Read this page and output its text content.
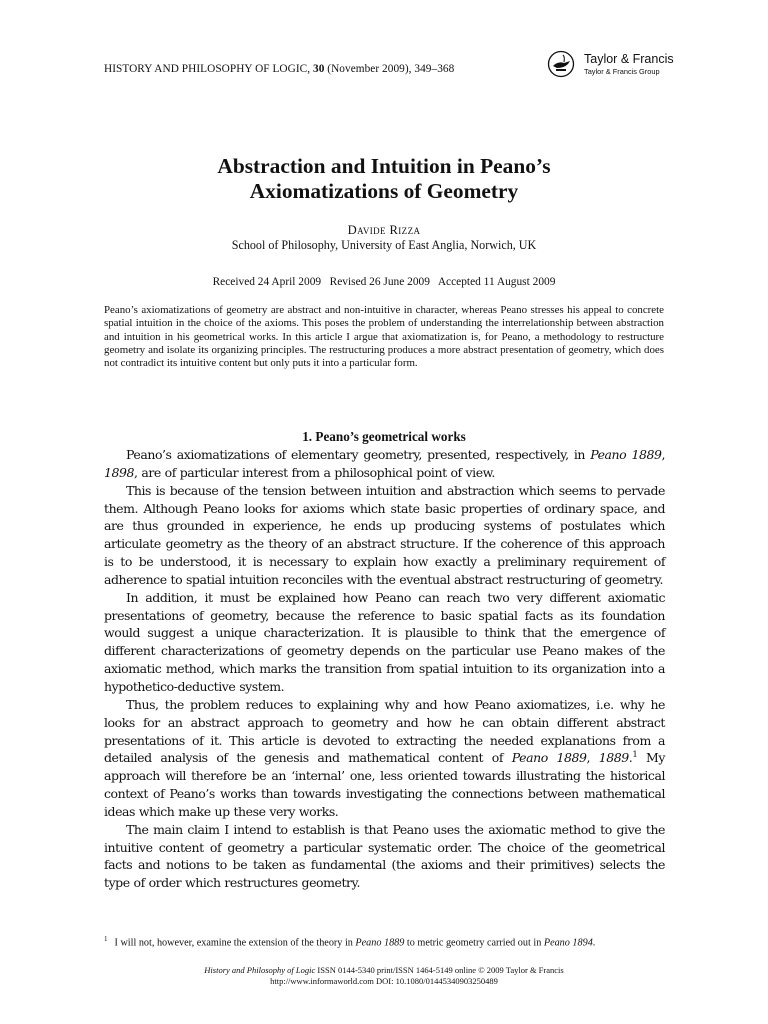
HISTORY AND PHILOSOPHY OF LOGIC, 30 (November 2009), 349–368
Taylor & Francis
Taylor & Francis Group
Abstraction and Intuition in Peano’s
Axiomatizations of Geometry
Davide Rizza
School of Philosophy, University of East Anglia, Norwich, UK
Received 24 April 2009   Revised 26 June 2009   Accepted 11 August 2009
Peano’s axiomatizations of geometry are abstract and non-intuitive in character, whereas Peano stresses his appeal to concrete spatial intuition in the choice of the axioms. This poses the problem of understanding the interrelationship between abstraction and intuition in his geometrical works. In this article I argue that axiomatization is, for Peano, a methodology to restructure geometry and isolate its organizing principles. The restructuring produces a more abstract presentation of geometry, which does not contradict its intuitive content but only puts it into a particular form.
1. Peano’s geometrical works

Peano’s axiomatizations of elementary geometry, presented, respectively, in Peano 1889, 1898, are of particular interest from a philosophical point of view.

This is because of the tension between intuition and abstraction which seems to pervade them. Although Peano looks for axioms which state basic properties of ordinary space, and are thus grounded in experience, he ends up producing systems of postulates which articulate geometry as the theory of an abstract structure. If the coherence of this approach is to be understood, it is necessary to explain how exactly a preliminary requirement of adherence to spatial intuition reconciles with the eventual abstract restructuring of geometry.

In addition, it must be explained how Peano can reach two very different axiomatic presentations of geometry, because the reference to basic spatial facts as its foundation would suggest a unique characterization. It is plausible to think that the emergence of different characterizations of geometry depends on the particular use Peano makes of the axiomatic method, which marks the transition from spatial intuition to its organization into a hypothetico-deductive system.

Thus, the problem reduces to explaining why and how Peano axiomatizes, i.e. why he looks for an abstract approach to geometry and how he can obtain different abstract presentations of it. This article is devoted to extracting the needed explanations from a detailed analysis of the genesis and mathematical content of Peano 1889, 1889.$^1$ My approach will therefore be an ‘internal’ one, less oriented towards illustrating the historical context of Peano’s works than towards investigating the connections between mathematical ideas which make up these very works.

The main claim I intend to establish is that Peano uses the axiomatic method to give the intuitive content of geometry a particular systematic order. The choice of the geometrical facts and notions to be taken as fundamental (the axioms and their primitives) selects the type of order which restructures geometry.

$^1$ I will not, however, examine the extension of the theory in Peano 1889 to metric geometry carried out in Peano 1894.
History and Philosophy of Logic ISSN 0144-5340 print/ISSN 1464-5149 online © 2009 Taylor & Francis
http://www.informaworld.com DOI: 10.1080/01445340903250489
